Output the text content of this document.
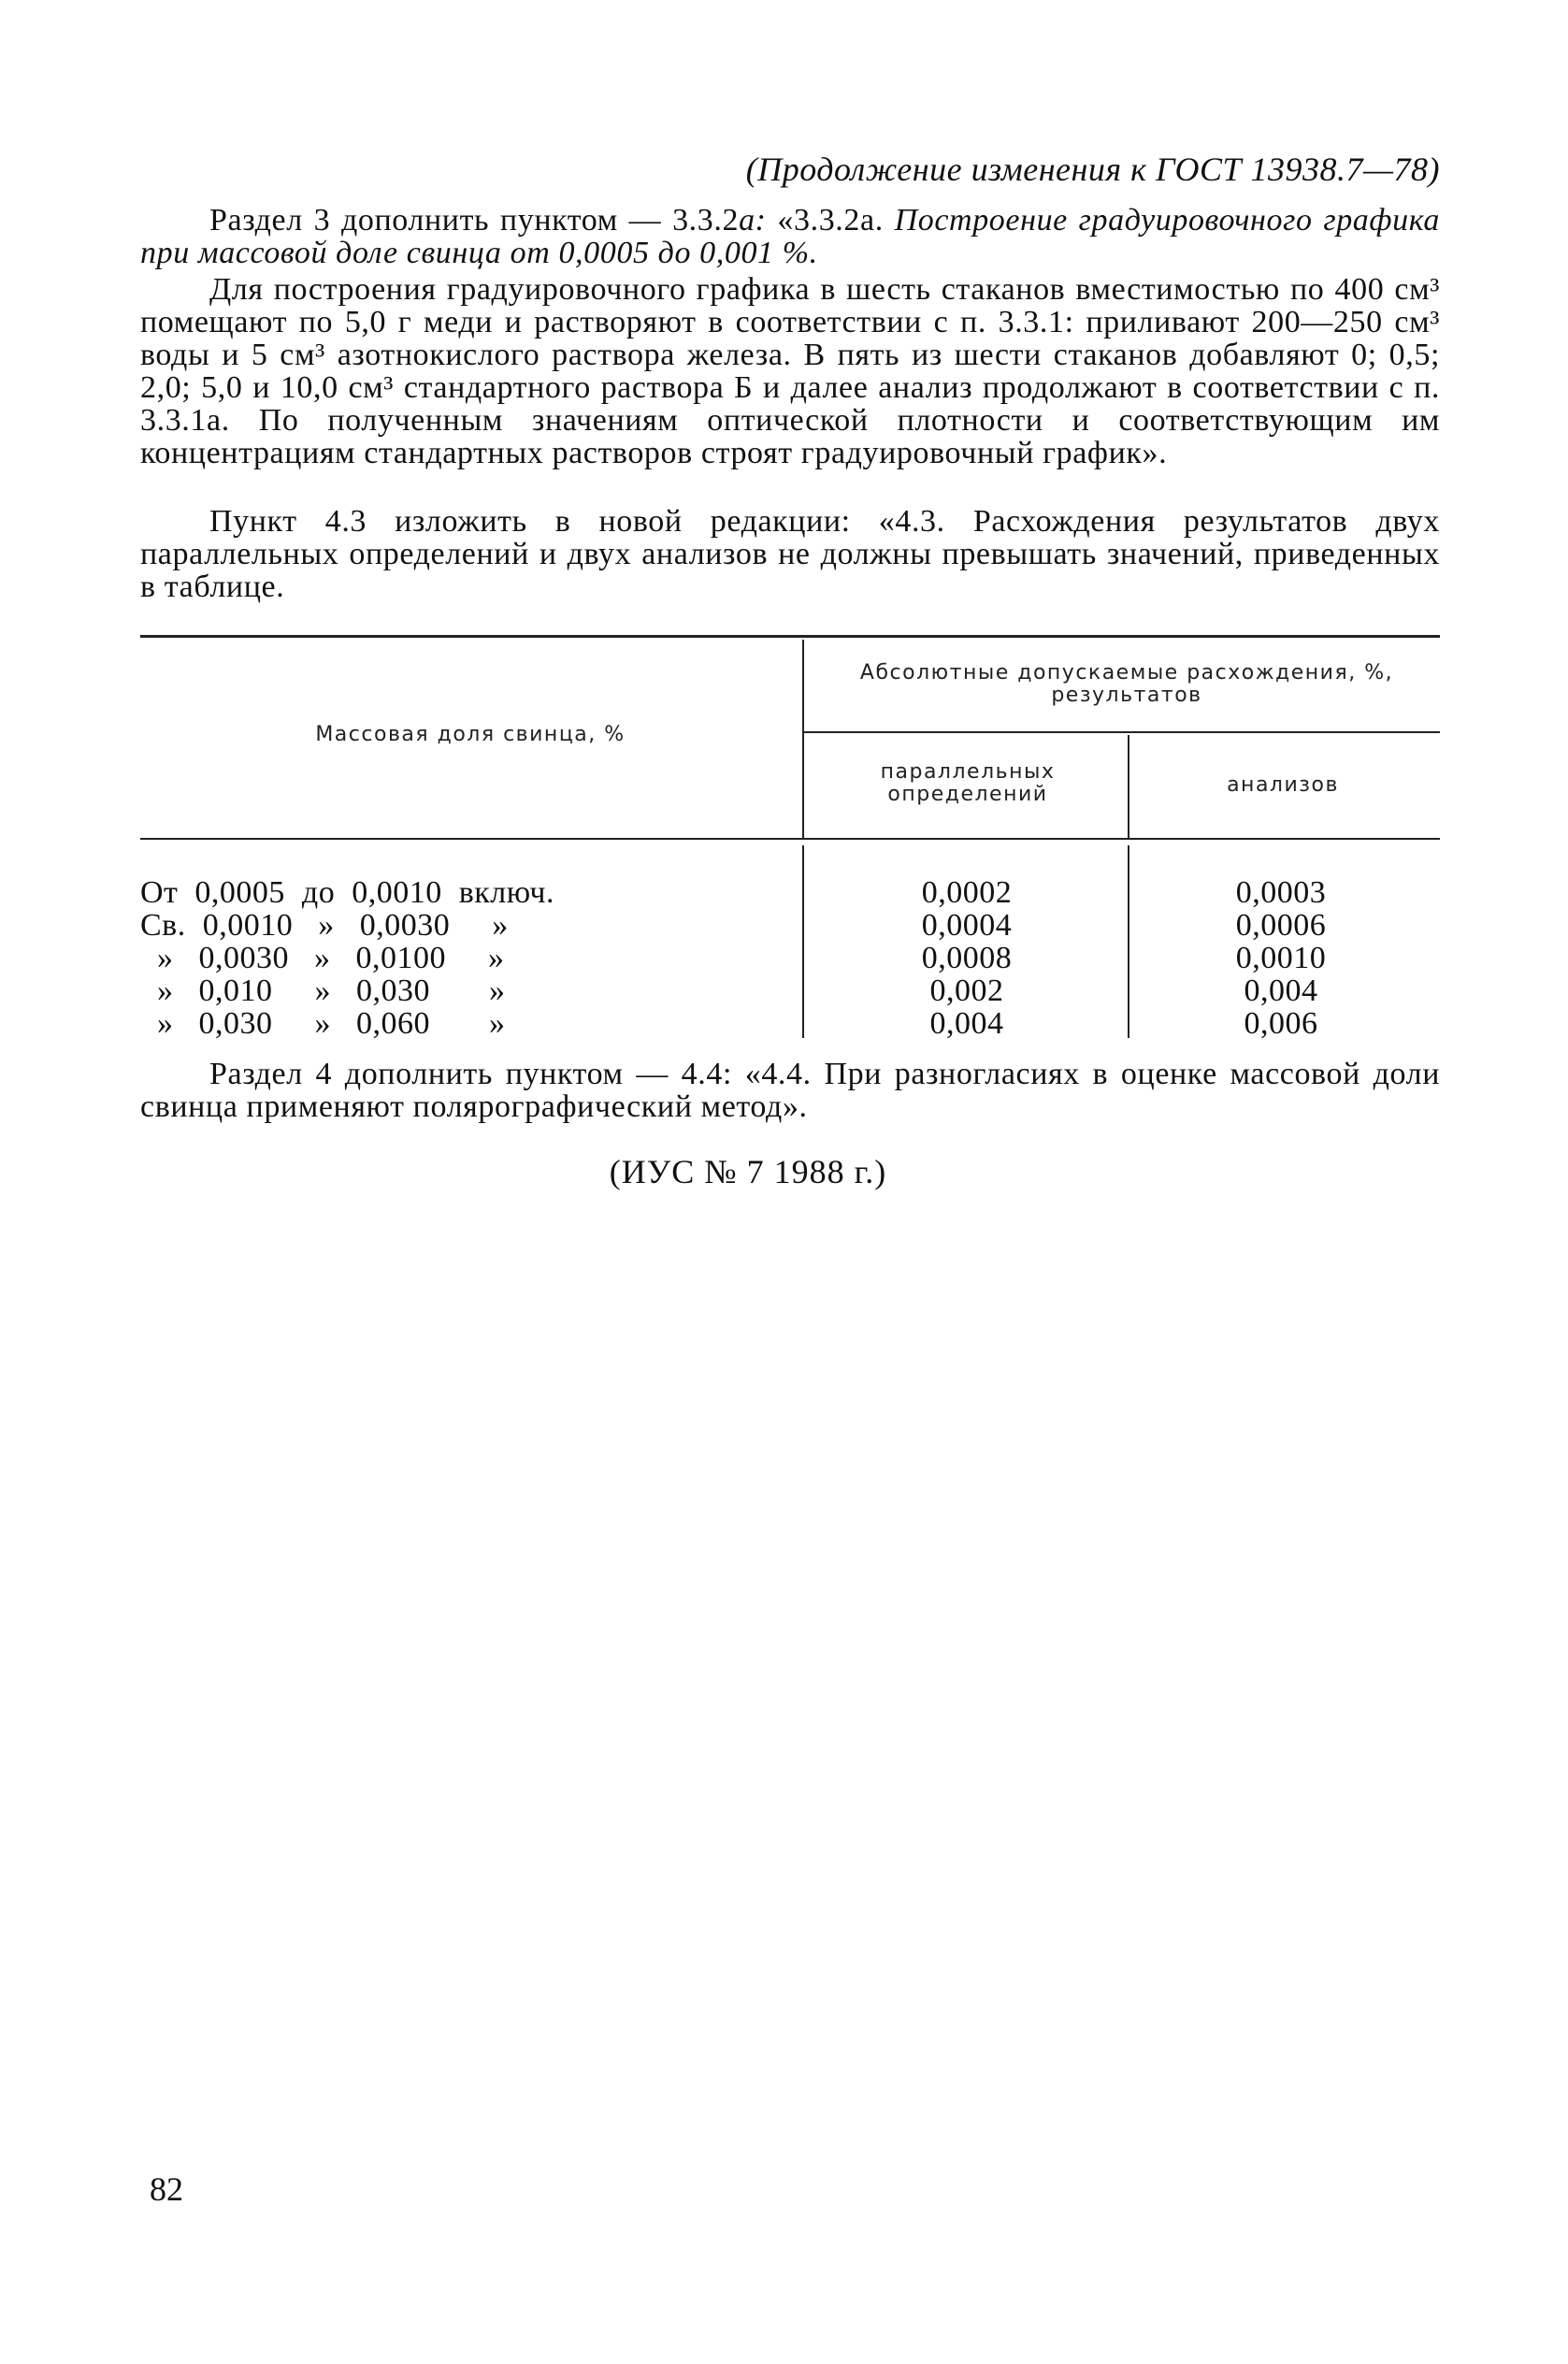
(Продолжение изменения к ГОСТ 13938.7—78)
Раздел 3 дополнить пунктом — 3.3.2а: «3.3.2а. Построение градуировочного графика при массовой доле свинца от 0,0005 до 0,001 %.
Для построения градуировочного графика в шесть стаканов вместимостью по 400 см³ помещают по 5,0 г меди и растворяют в соответствии с п. 3.3.1: приливают 200—250 см³ воды и 5 см³ азотнокислого раствора железа. В пять из шести стаканов добавляют 0; 0,5; 2,0; 5,0 и 10,0 см³ стандартного раствора Б и далее анализ продолжают в соответствии с п. 3.3.1а. По полученным значениям оптической плотности и соответствующим им концентрациям стандартных растворов строят градуировочный график».
Пункт 4.3 изложить в новой редакции: «4.3. Расхождения результатов двух параллельных определений и двух анализов не должны превышать значений, приведенных в таблице.
Массовая доля свинца, %
Абсолютные допускаемые расхождения, %, результатов
параллельных определений	анализов
От  0,0005  до  0,0010  включ.	0,0002	0,0003
Св.  0,0010   »   0,0030     »	0,0004	0,0006
»   0,0030   »   0,0100     »	0,0008	0,0010
»   0,010     »   0,030       »	0,002	0,004
»   0,030     »   0,060       »	0,004	0,006
Раздел 4 дополнить пунктом — 4.4: «4.4. При разногласиях в оценке массовой доли свинца применяют полярографический метод».
(ИУС № 7 1988 г.)
82
